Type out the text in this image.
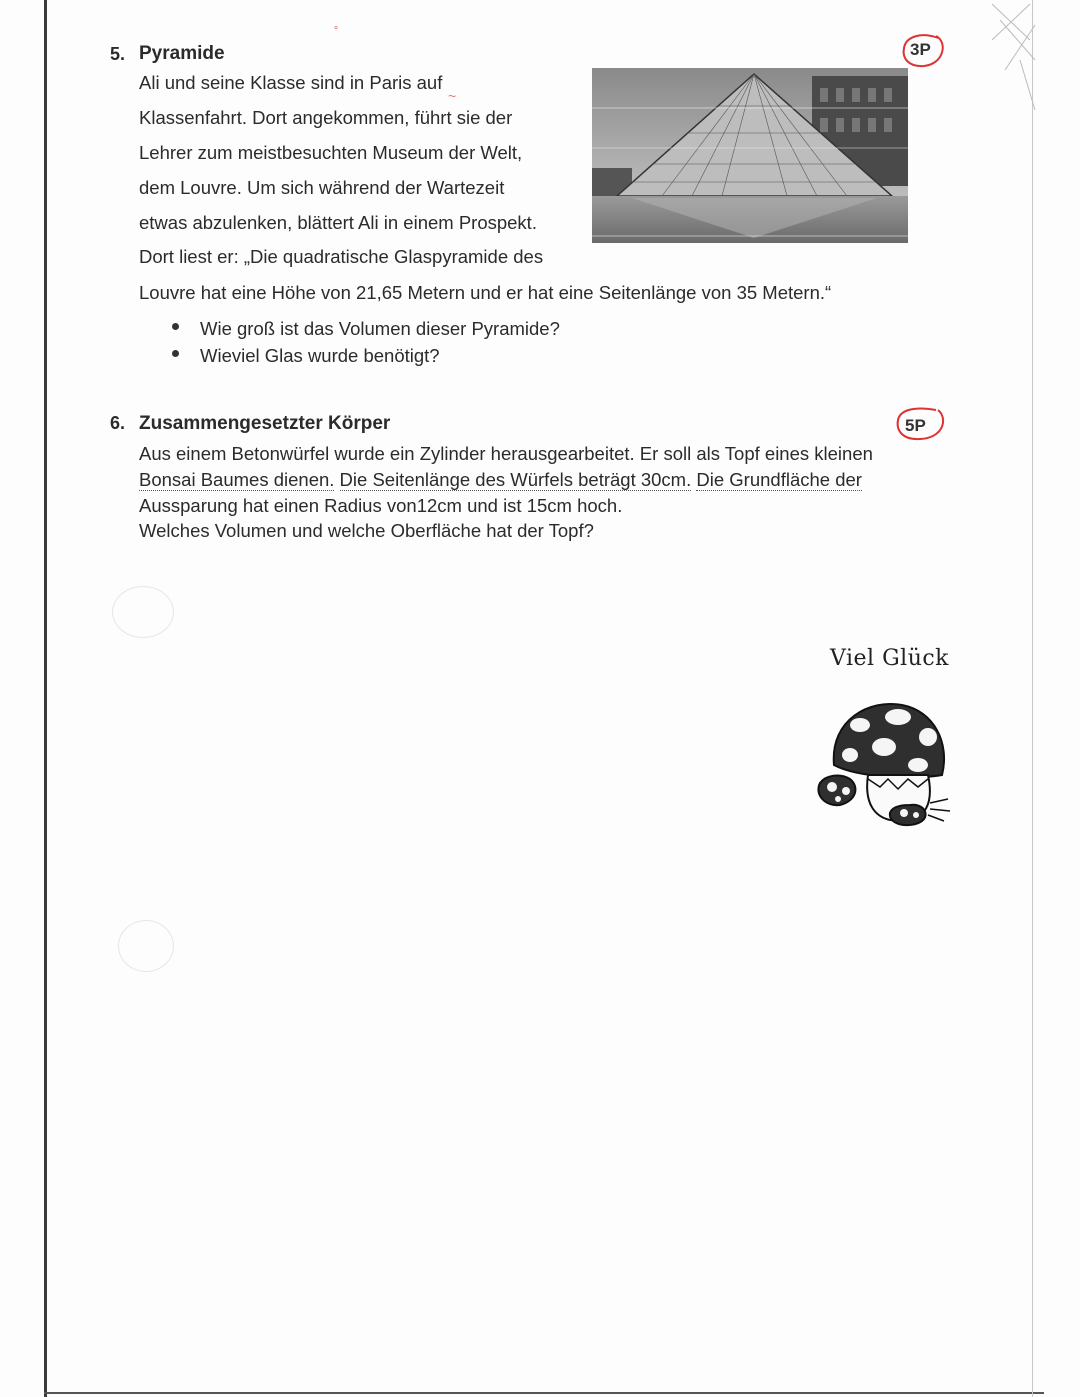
˚
~
5. Pyramide	3P
Ali und seine Klasse sind in Paris auf
Klassenfahrt. Dort angekommen, führt sie der
Lehrer zum meistbesuchten Museum der Welt,
dem Louvre. Um sich während der Wartezeit
etwas abzulenken, blättert Ali in einem Prospekt.
Dort liest er: „Die quadratische Glaspyramide des
Louvre hat eine Höhe von 21,65 Metern und er hat eine Seitenlänge von 35 Metern.“
Wie groß ist das Volumen dieser Pyramide?
Wieviel Glas wurde benötigt?
6. Zusammengesetzter Körper	5P
Aus einem Betonwürfel wurde ein Zylinder herausgearbeitet. Er soll als Topf eines kleinen
Bonsai Baumes dienen. Die Seitenlänge des Würfels beträgt 30cm. Die Grundfläche der
Aussparung hat einen Radius von12cm und ist 15cm hoch.
Welches Volumen und welche Oberfläche hat der Topf?
Viel Glück
